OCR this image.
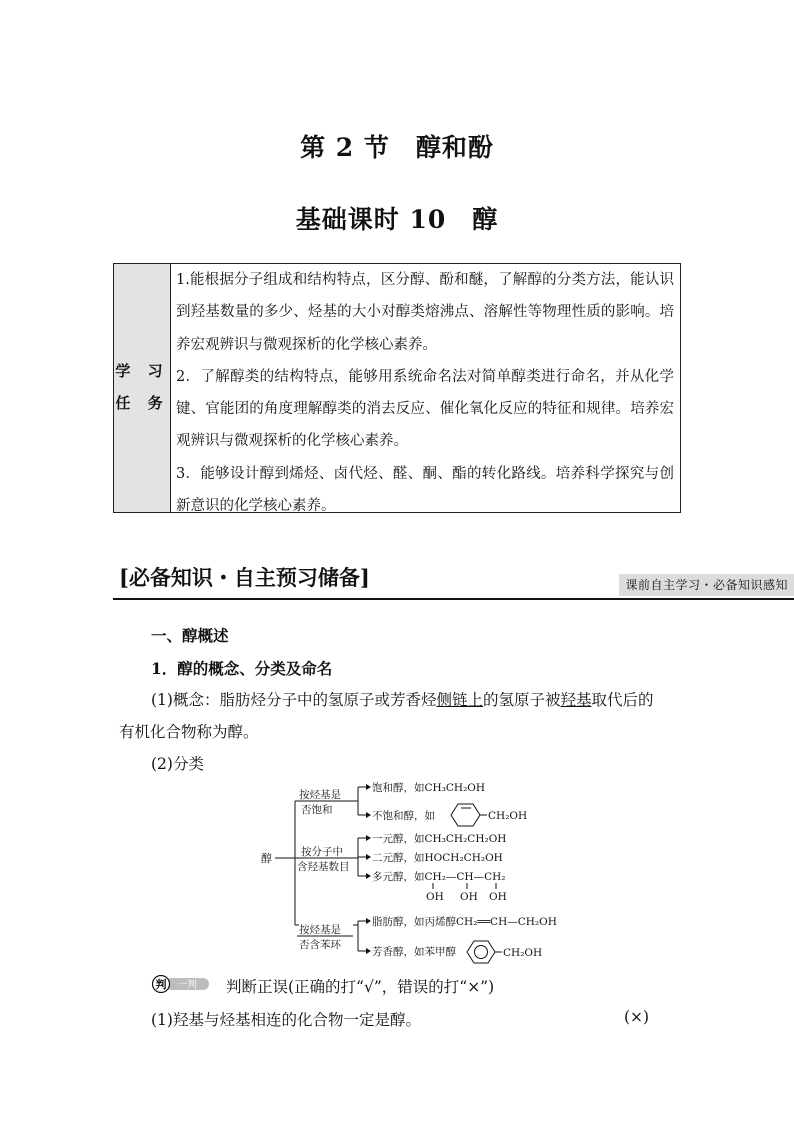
第 2 节　醇和酚
基础课时 10　醇
学 习
任 务

1.能根据分子组成和结构特点，区分醇、酚和醚，了解醇的分类方法，能认识到羟基数量的多少、烃基的大小对醇类熔沸点、溶解性等物理性质的影响。培养宏观辨识与微观探析的化学核心素养。

2．了解醇类的结构特点，能够用系统命名法对简单醇类进行命名，并从化学键、官能团的角度理解醇类的消去反应、催化氧化反应的特征和规律。培养宏观辨识与微观探析的化学核心素养。

3．能够设计醇到烯烃、卤代烃、醛、酮、酯的转化路线。培养科学探究与创新意识的化学核心素养。

[必备知识・自主预习储备]	课前自主学习・必备知识感知
一、醇概述
1．醇的概念、分类及命名
(1)概念：脂肪烃分子中的氢原子或芳香烃侧链上的氢原子被羟基取代后的
有机化合物称为醇。
(2)分类
醇
按烃基是
否饱和
饱和醇，如CH₃CH₂OH
不饱和醇，如	CH₂OH
按分子中
含羟基数目
一元醇，如CH₃CH₂CH₂OH
二元醇，如HOCH₂CH₂OH
多元醇，如CH₂—CH—CH₂
OH OH OH
按烃基是
否含苯环
脂肪醇，如丙烯醇CH₂══CH—CH₂OH
芳香醇，如苯甲醇	CH₂OH
判 一判 判断正误(正确的打“√”，错误的打“×”)
(1)羟基与烃基相连的化合物一定是醇。	(×)
